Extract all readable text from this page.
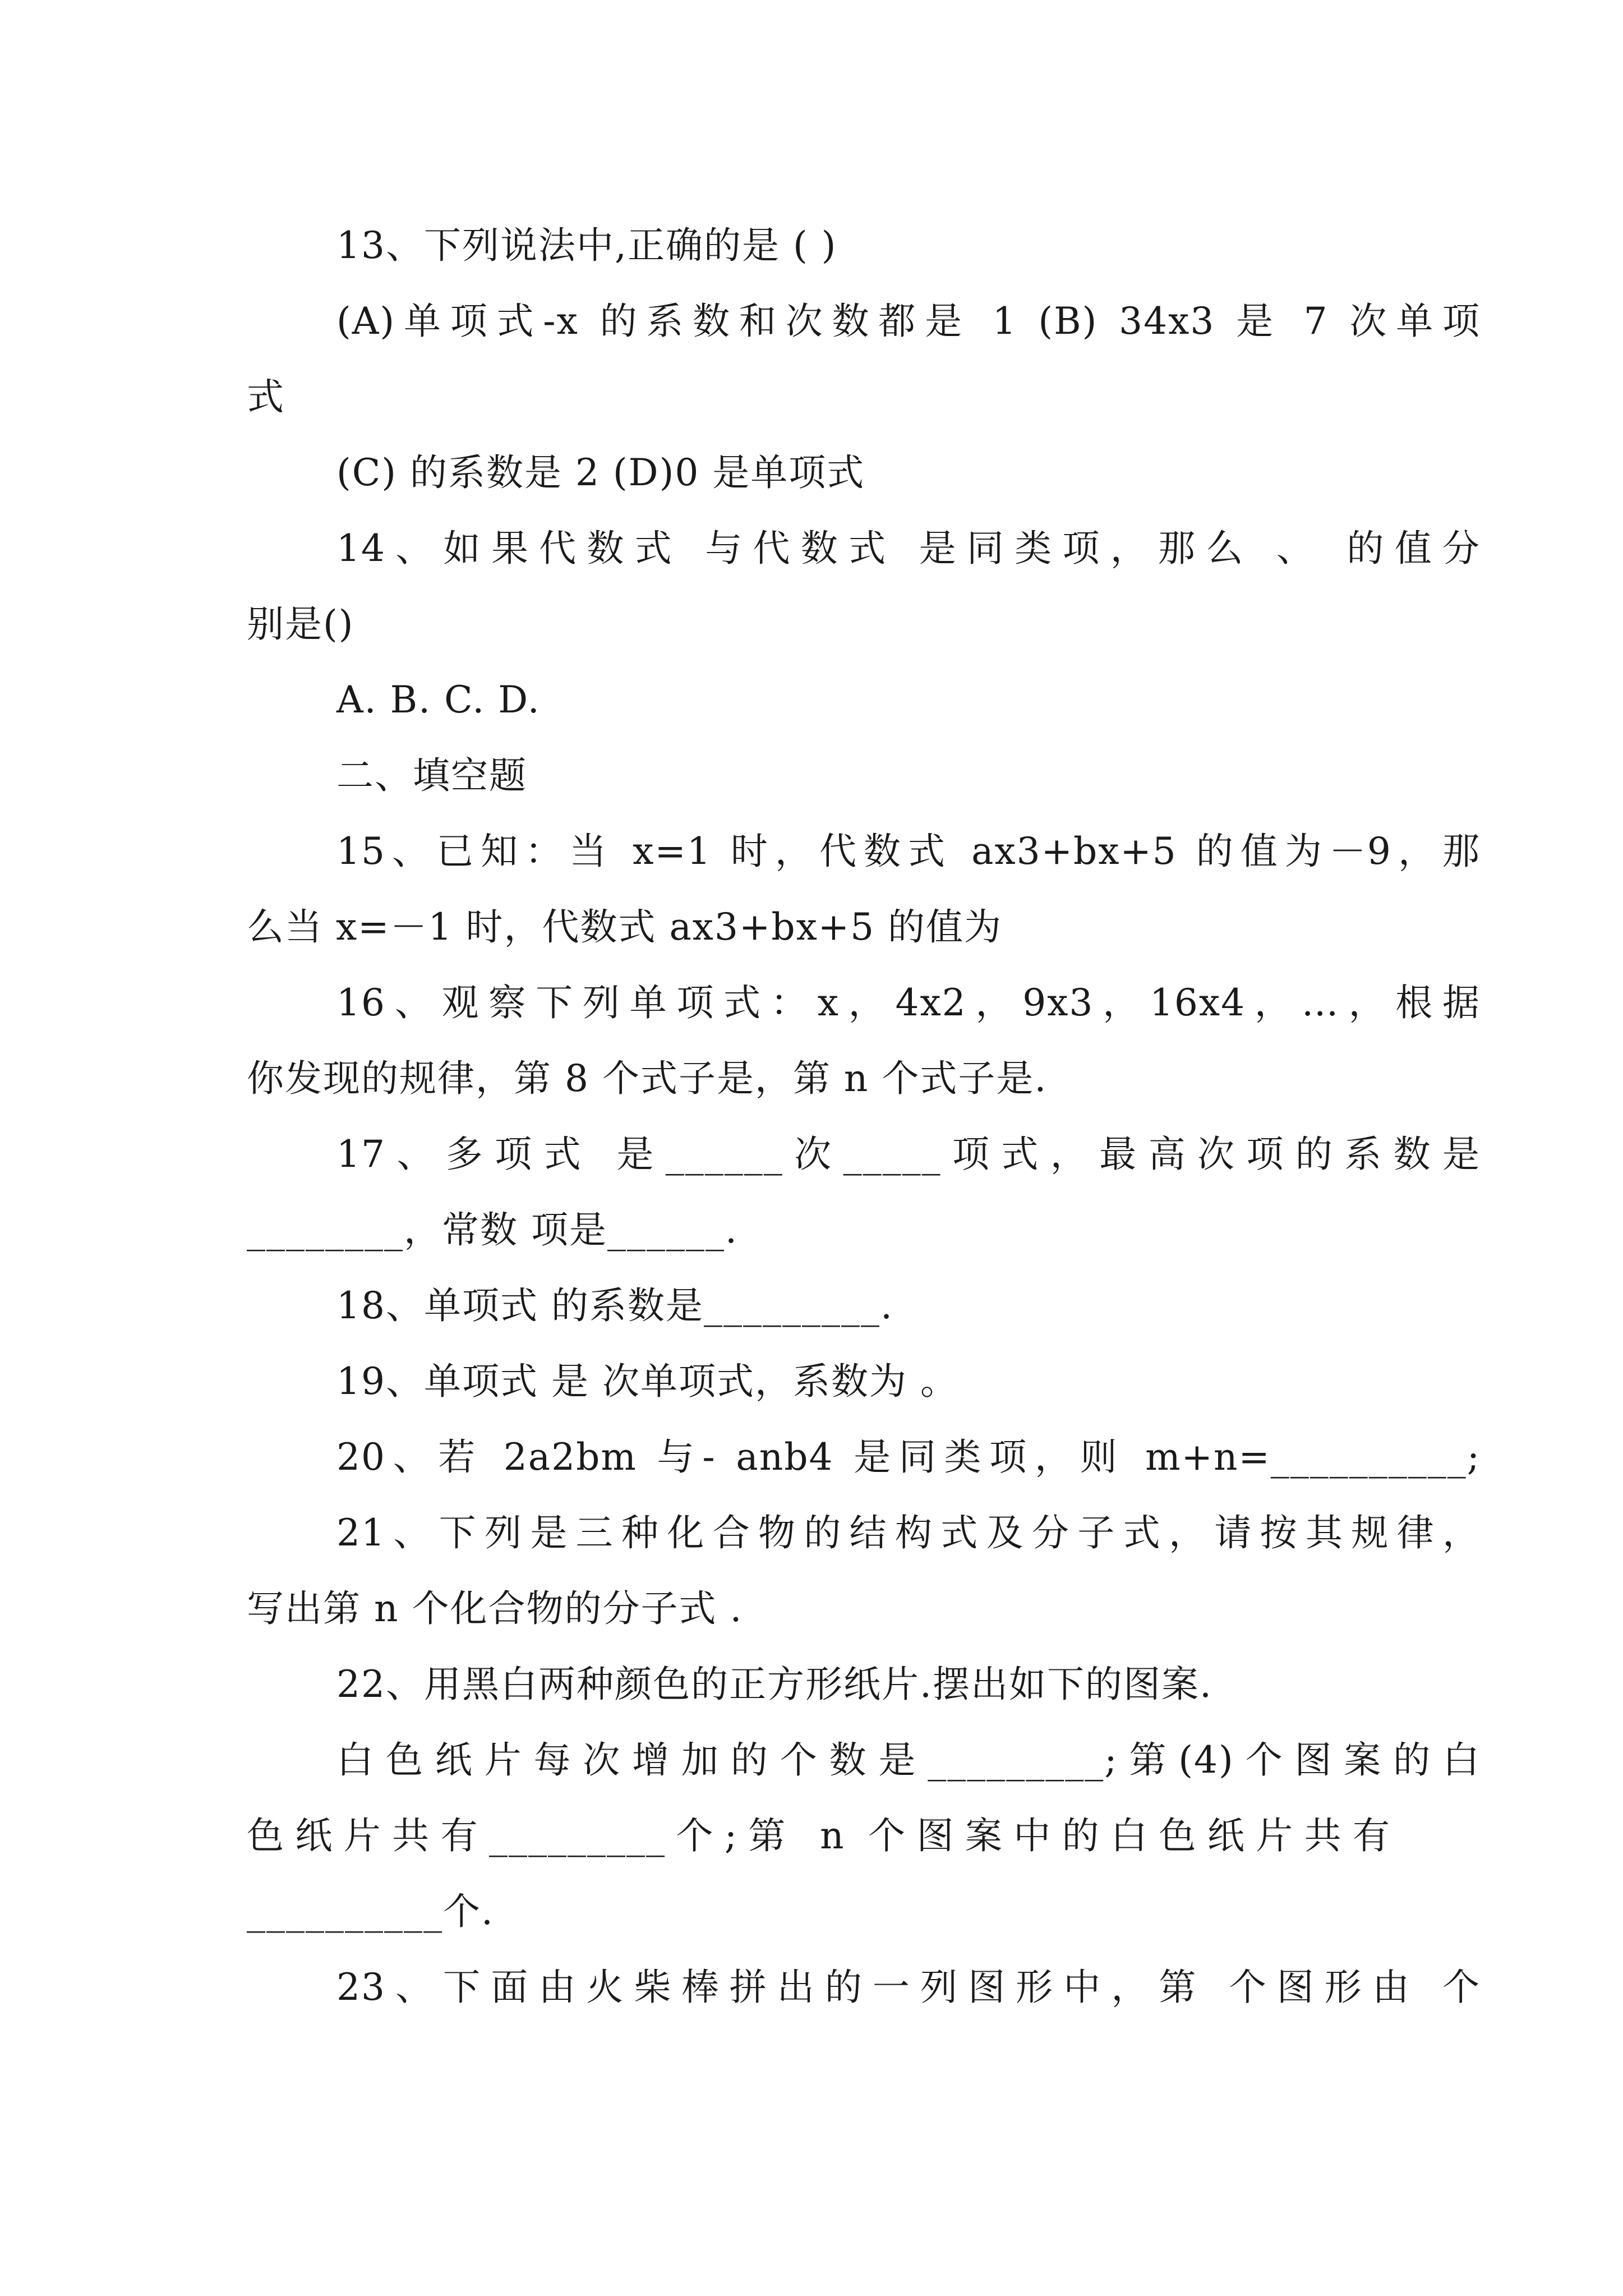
13、下列说法中,正确的是 ( )
(A)单项式-x 的系数和次数都是 1 (B) 34x3 是 7 次单项
式
(C) 的系数是 2 (D)0 是单项式
14、如果代数式 与代数式 是同类项，那么 、 的值分
别是()
A. B. C. D.
二、填空题
15、已知：当 x=1 时，代数式 ax3+bx+5 的值为－9，那
么当 x=－1 时，代数式 ax3+bx+5 的值为
16、观察下列单项式：x，4x2，9x3，16x4，…，根据
你发现的规律，第 8 个式子是，第 n 个式子是.
17、多项式 是______次_____项式，最高次项的系数是
________，常数 项是______.
18、单项式 的系数是_________.
19、单项式 是 次单项式，系数为 。
20、若 2a2bm 与- anb4 是同类项，则 m+n=__________;
21、下列是三种化合物的结构式及分子式，请按其规律，
写出第 n 个化合物的分子式 .
22、用黑白两种颜色的正方形纸片.摆出如下的图案.
白色纸片每次增加的个数是_________;第(4)个图案的白
色纸片共有_________个;第 n 个图案中的白色纸片共有
__________个.
23、下面由火柴棒拼出的一列图形中，第 个图形由 个
